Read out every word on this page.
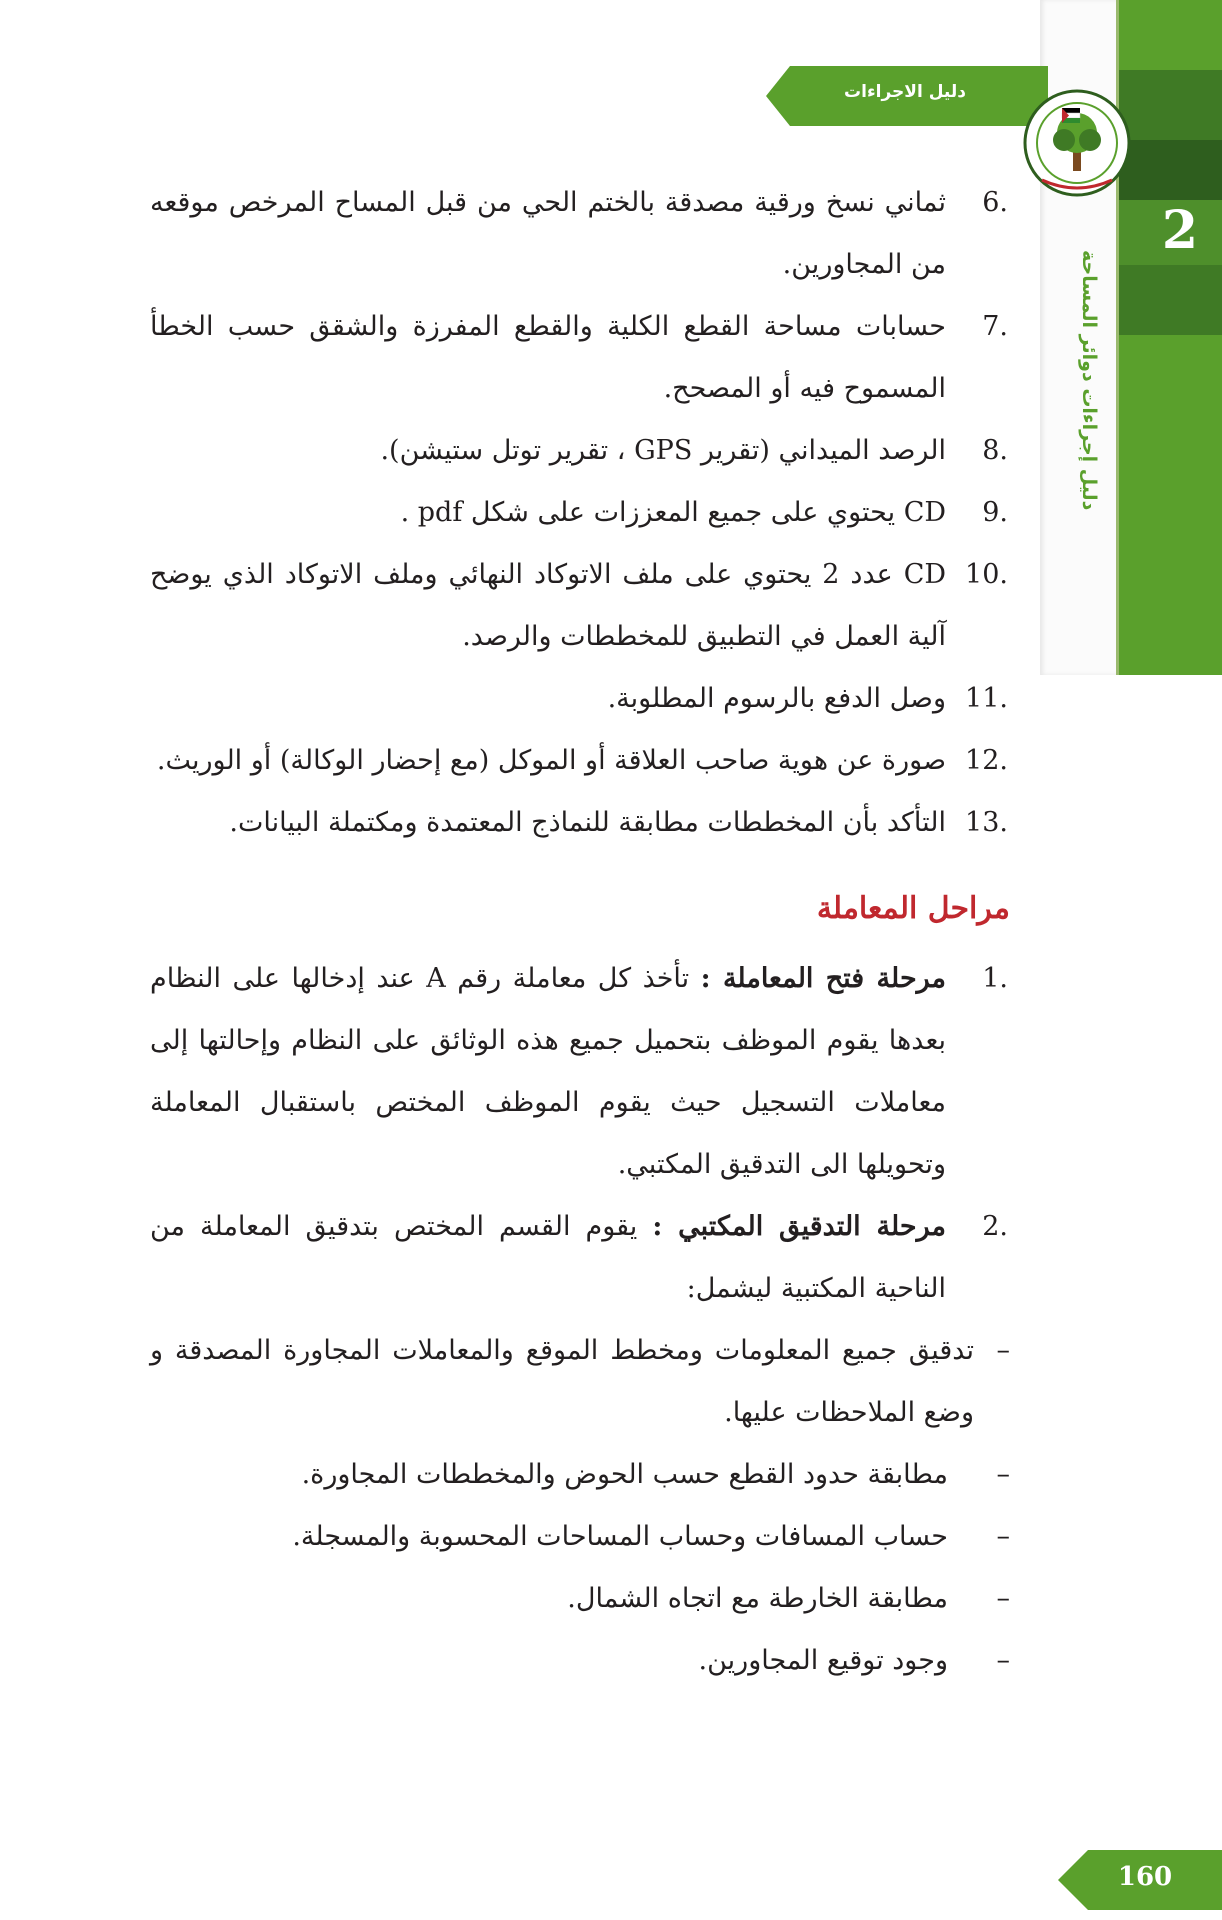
2
دليل إجراءات دوائر المساحة
دليل الاجراءات
160
.6
ثماني نسخ ورقية مصدقة بالختم الحي من قبل المساح المرخص موقعه من المجاورين.
.7
حسابات مساحة القطع الكلية والقطع المفرزة والشقق حسب الخطأ المسموح فيه أو المصحح.
.8
الرصد الميداني (تقرير GPS ، تقرير توتل ستيشن).
.9
CD يحتوي على جميع المعززات على شكل pdf .
.10
CD عدد 2 يحتوي على ملف الاتوكاد النهائي وملف الاتوكاد الذي يوضح آلية العمل في التطبيق للمخططات والرصد.
.11
وصل الدفع بالرسوم المطلوبة.
.12
صورة عن هوية صاحب العلاقة أو الموكل (مع إحضار الوكالة) أو الوريث.
.13
التأكد بأن المخططات مطابقة للنماذج المعتمدة ومكتملة البيانات.
مراحل المعاملة
.1
مرحلة فتح المعاملة : تأخذ كل معاملة رقم A عند إدخالها على النظام بعدها يقوم الموظف بتحميل جميع هذه الوثائق على النظام وإحالتها إلى معاملات التسجيل حيث يقوم الموظف المختص باستقبال المعاملة وتحويلها الى التدقيق المكتبي.
.2
مرحلة التدقيق المكتبي : يقوم القسم المختص بتدقيق المعاملة من الناحية المكتبية ليشمل:
–
تدقيق جميع المعلومات ومخطط الموقع والمعاملات المجاورة المصدقة و وضع الملاحظات عليها.
–
مطابقة حدود القطع حسب الحوض والمخططات المجاورة.
–
حساب المسافات وحساب المساحات المحسوبة والمسجلة.
–
مطابقة الخارطة مع اتجاه الشمال.
–
وجود توقيع المجاورين.
